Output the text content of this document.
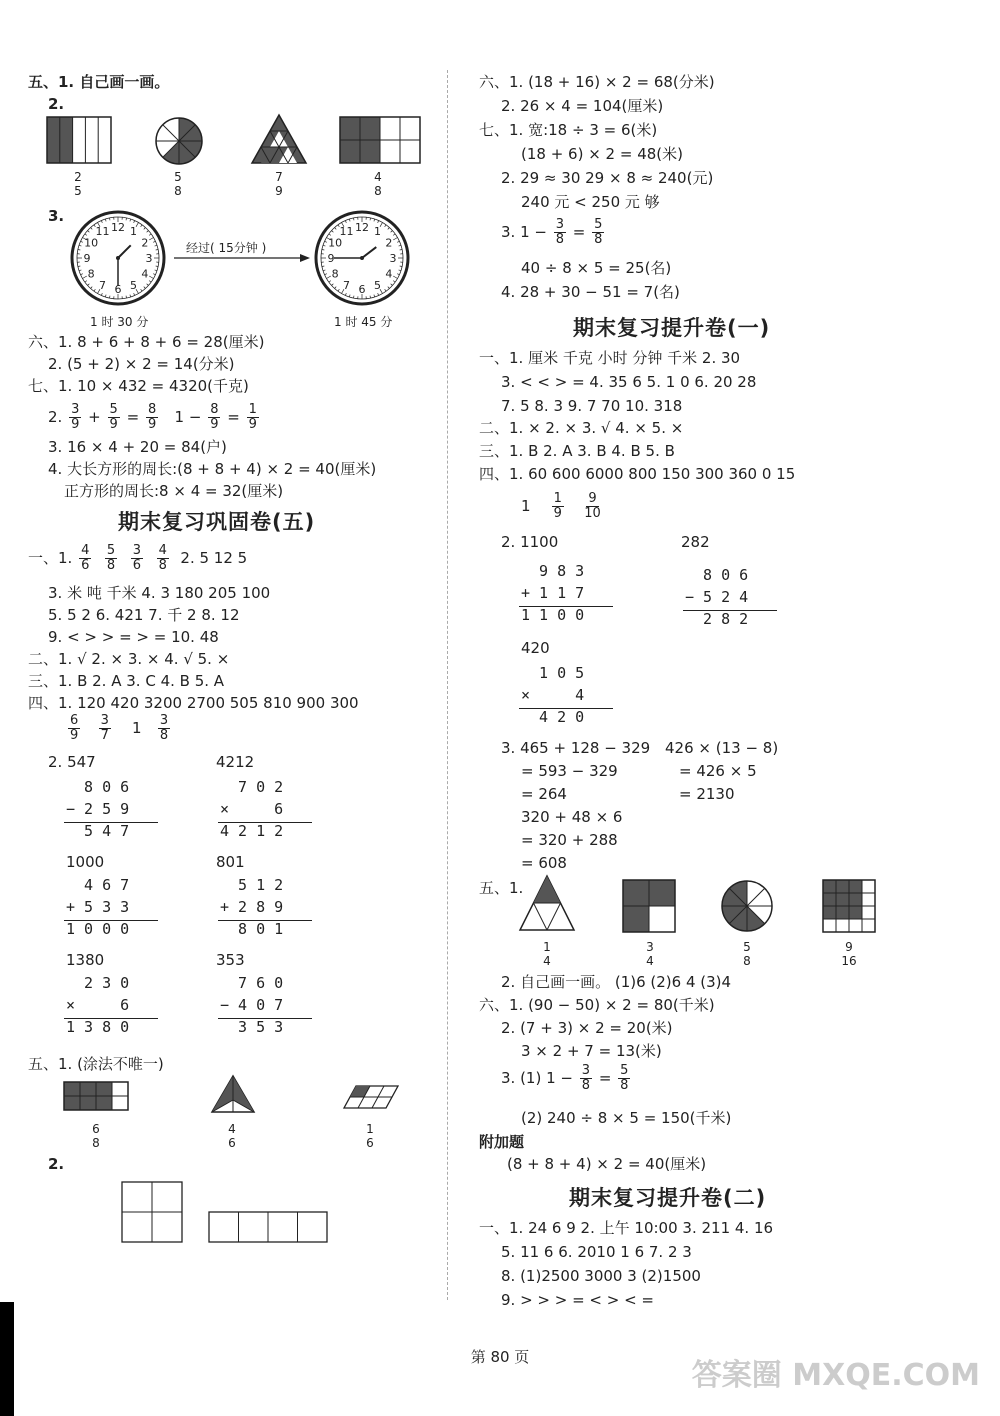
五、1. 自己画一画。
2.
2
5
5
8
7
9
4
8
3.
12 1
2
3
4
5
6
7
8
9
10
11
经过( 15分钟 )
12 1
2
3
4
5
6
7
8
9
10
11
1 时 30 分	1 时 45 分
六、1. 8 + 6 + 8 + 6 = 28(厘米)
2. (5 + 2) × 2 = 14(分米)
七、1. 10 × 432 = 4320(千克)
2. $\frac{3}{9} + \frac{5}{9} = \frac{8}{9} 1 - \frac{8}{9} = \frac{1}{9}$
3. 16 × 4 + 20 = 84(户)
4. 大长方形的周长:(8 + 8 + 4) × 2 = 40(厘米)
正方形的周长:8 × 4 = 32(厘米)
期末复习巩固卷(五)
一、1. $\frac{4}{6}$
$\frac{5}{8}$
$\frac{3}{6}$
$\frac{4}{8} 2$. 5 12 5
3. 米 吨 千米 4. 3 180 205 100
5. 5 2 6. 421 7. 千 2 8. 12
9. < > > = > = 10. 48
二、1. √ 2. × 3. × 4. √ 5. ×
三、1. B 2. A 3. C 4. B 5. A
四、1. 120 420 3200 2700 505 810 900 300
$\frac{6}{9}$
$\frac{3}{7} 1 \frac{3}{8}$
2. 547	4212
8 0 6
− 2 5 9
5 4 7
7 0 2
×     6
4 2 1 2
1000	801
4 6 7
+ 5 3 3
1 0 0 0
5 1 2
+ 2 8 9
8 0 1
1380	353
2 3 0
×     6
1 3 8 0
7 6 0
− 4 0 7
3 5 3
五、1. (涂法不唯一)
6
8
4
6
1
6
2.
六、1. (18 + 16) × 2 = 68(分米)
2. 26 × 4 = 104(厘米)
七、1. 宽:18 ÷ 3 = 6(米)
(18 + 6) × 2 = 48(米)
2. 29 ≈ 30 29 × 8 ≈ 240(元)
240 元 < 250 元 够
3. $1 - \frac{3}{8} = \frac{5}{8}$
40 ÷ 8 × 5 = 25(名)
4. 28 + 30 − 51 = 7(名)
期末复习提升卷(一)
一、1. 厘米 千克 小时 分钟 千米 2. 30
3. < < > = 4. 35 6 5. 1 0 6. 20 28
7. 5 8. 3 9. 7 70 10. 318
二、1. × 2. × 3. √ 4. × 5. ×
三、1. B 2. A 3. B 4. B 5. B
四、1. 60 600 6000 800 150 300 360 0 15
$1 \frac{1}{9}$
$\frac{9}{10}$
2. 1100	282
9 8 3
+ 1 1 7
1 1 0 0
8 0 6
− 5 2 4
2 8 2
420
1 0 5
×     4
4 2 0
3. 465 + 128 − 329
= 593 − 329
= 264
320 + 48 × 6
= 320 + 288
= 608
426 × (13 − 8)
= 426 × 5
= 2130
五、1.
1
4
3
4
5
8
9
16
2. 自己画一画。 (1)6 (2)6 4 (3)4
六、1. (90 − 50) × 2 = 80(千米)
2. (7 + 3) × 2 = 20(米)
3 × 2 + 7 = 13(米)
3. (1) $1 - \frac{3}{8} = \frac{5}{8}$
(2) 240 ÷ 8 × 5 = 150(千米)
附加题
(8 + 8 + 4) × 2 = 40(厘米)
期末复习提升卷(二)
一、1. 24 6 9 2. 上午 10:00 3. 211 4. 16
5. 11 6 6. 2010 1 6 7. 2 3
8. (1)2500 3000 3 (2)1500
9. > > > = < > < =
第 80 页
答案圈 MXQE.COM
